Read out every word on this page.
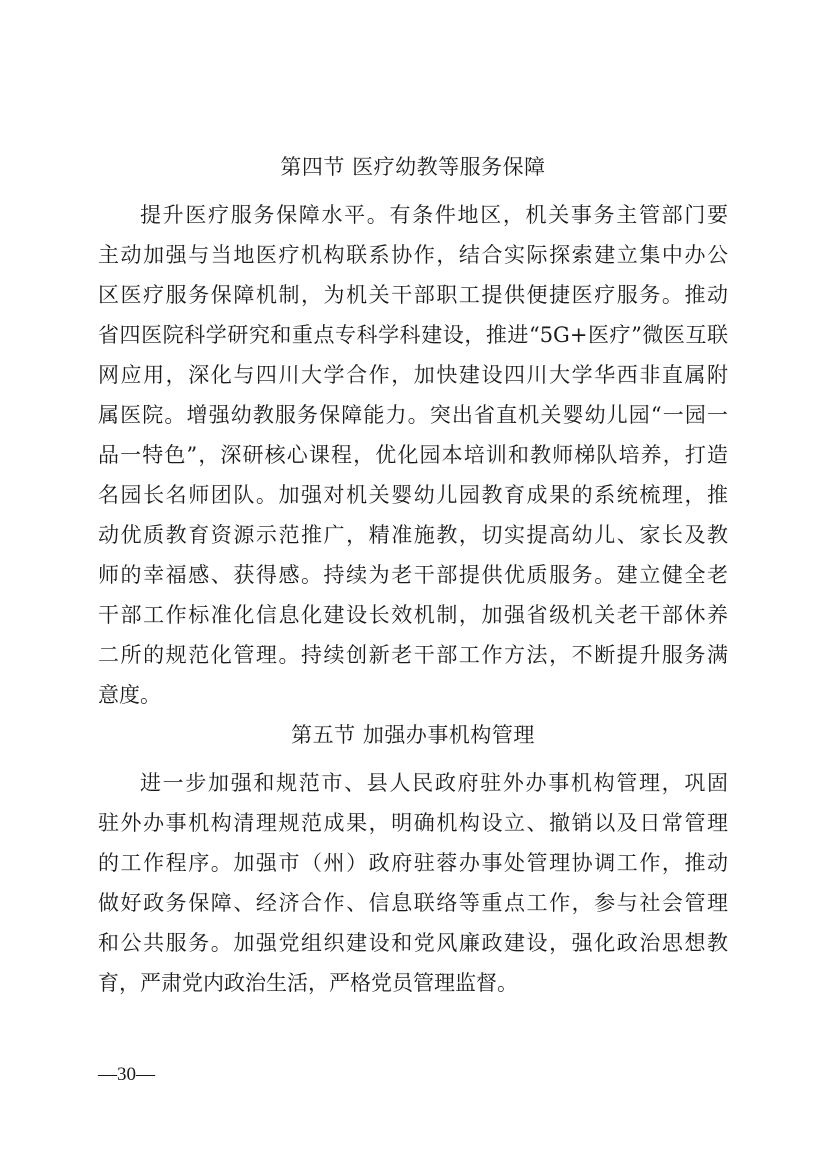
第四节 医疗幼教等服务保障

提升医疗服务保障水平。有条件地区，机关事务主管部门要

主动加强与当地医疗机构联系协作，结合实际探索建立集中办公

区医疗服务保障机制，为机关干部职工提供便捷医疗服务。推动

省四医院科学研究和重点专科学科建设，推进“5G+医疗”微医互联

网应用，深化与四川大学合作，加快建设四川大学华西非直属附

属医院。增强幼教服务保障能力。突出省直机关婴幼儿园“一园一

品一特色”，深研核心课程，优化园本培训和教师梯队培养，打造

名园长名师团队。加强对机关婴幼儿园教育成果的系统梳理，推

动优质教育资源示范推广，精准施教，切实提高幼儿、家长及教

师的幸福感、获得感。持续为老干部提供优质服务。建立健全老

干部工作标准化信息化建设长效机制，加强省级机关老干部休养

二所的规范化管理。持续创新老干部工作方法，不断提升服务满

意度。

第五节 加强办事机构管理

进一步加强和规范市、县人民政府驻外办事机构管理，巩固

驻外办事机构清理规范成果，明确机构设立、撤销以及日常管理

的工作程序。加强市（州）政府驻蓉办事处管理协调工作，推动

做好政务保障、经济合作、信息联络等重点工作，参与社会管理

和公共服务。加强党组织建设和党风廉政建设，强化政治思想教

育，严肃党内政治生活，严格党员管理监督。

—30—
